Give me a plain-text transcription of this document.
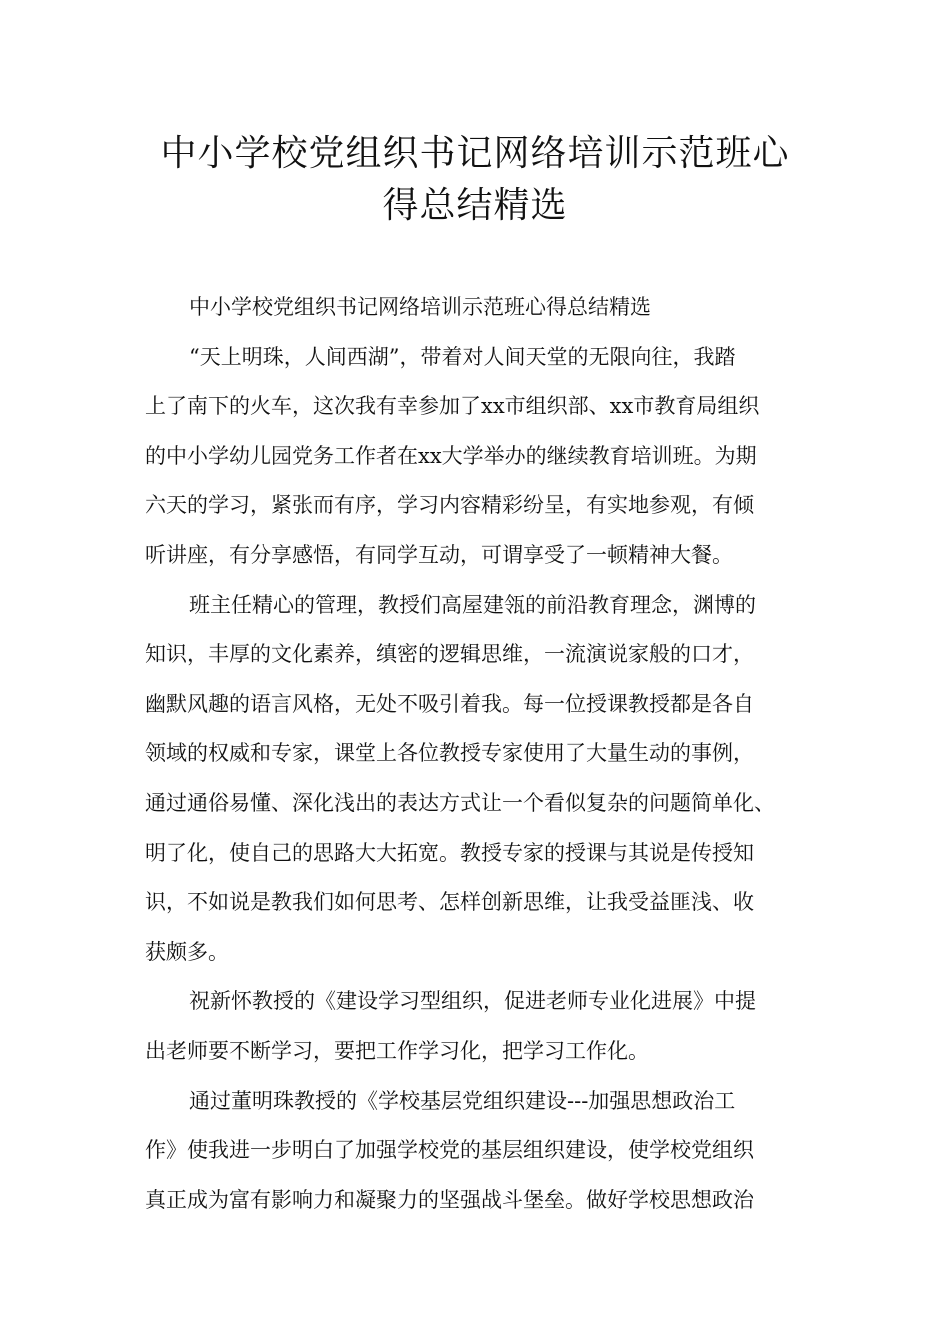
中小学校党组织书记网络培训示范班心
得总结精选
中小学校党组织书记网络培训示范班心得总结精选
“天上明珠，人间西湖”，带着对人间天堂的无限向往，我踏
上了南下的火车，这次我有幸参加了xx市组织部、xx市教育局组织
的中小学幼儿园党务工作者在xx大学举办的继续教育培训班。为期
六天的学习，紧张而有序，学习内容精彩纷呈，有实地参观，有倾
听讲座，有分享感悟，有同学互动，可谓享受了一顿精神大餐。
班主任精心的管理，教授们高屋建瓴的前沿教育理念，渊博的
知识，丰厚的文化素养，缜密的逻辑思维，一流演说家般的口才，
幽默风趣的语言风格，无处不吸引着我。每一位授课教授都是各自
领域的权威和专家，课堂上各位教授专家使用了大量生动的事例，
通过通俗易懂、深化浅出的表达方式让一个看似复杂的问题简单化、
明了化，使自己的思路大大拓宽。教授专家的授课与其说是传授知
识，不如说是教我们如何思考、怎样创新思维，让我受益匪浅、收
获颇多。
祝新怀教授的《建设学习型组织，促进老师专业化进展》中提
出老师要不断学习，要把工作学习化，把学习工作化。
通过董明珠教授的《学校基层党组织建设---加强思想政治工
作》使我进一步明白了加强学校党的基层组织建设，使学校党组织
真正成为富有影响力和凝聚力的坚强战斗堡垒。做好学校思想政治
